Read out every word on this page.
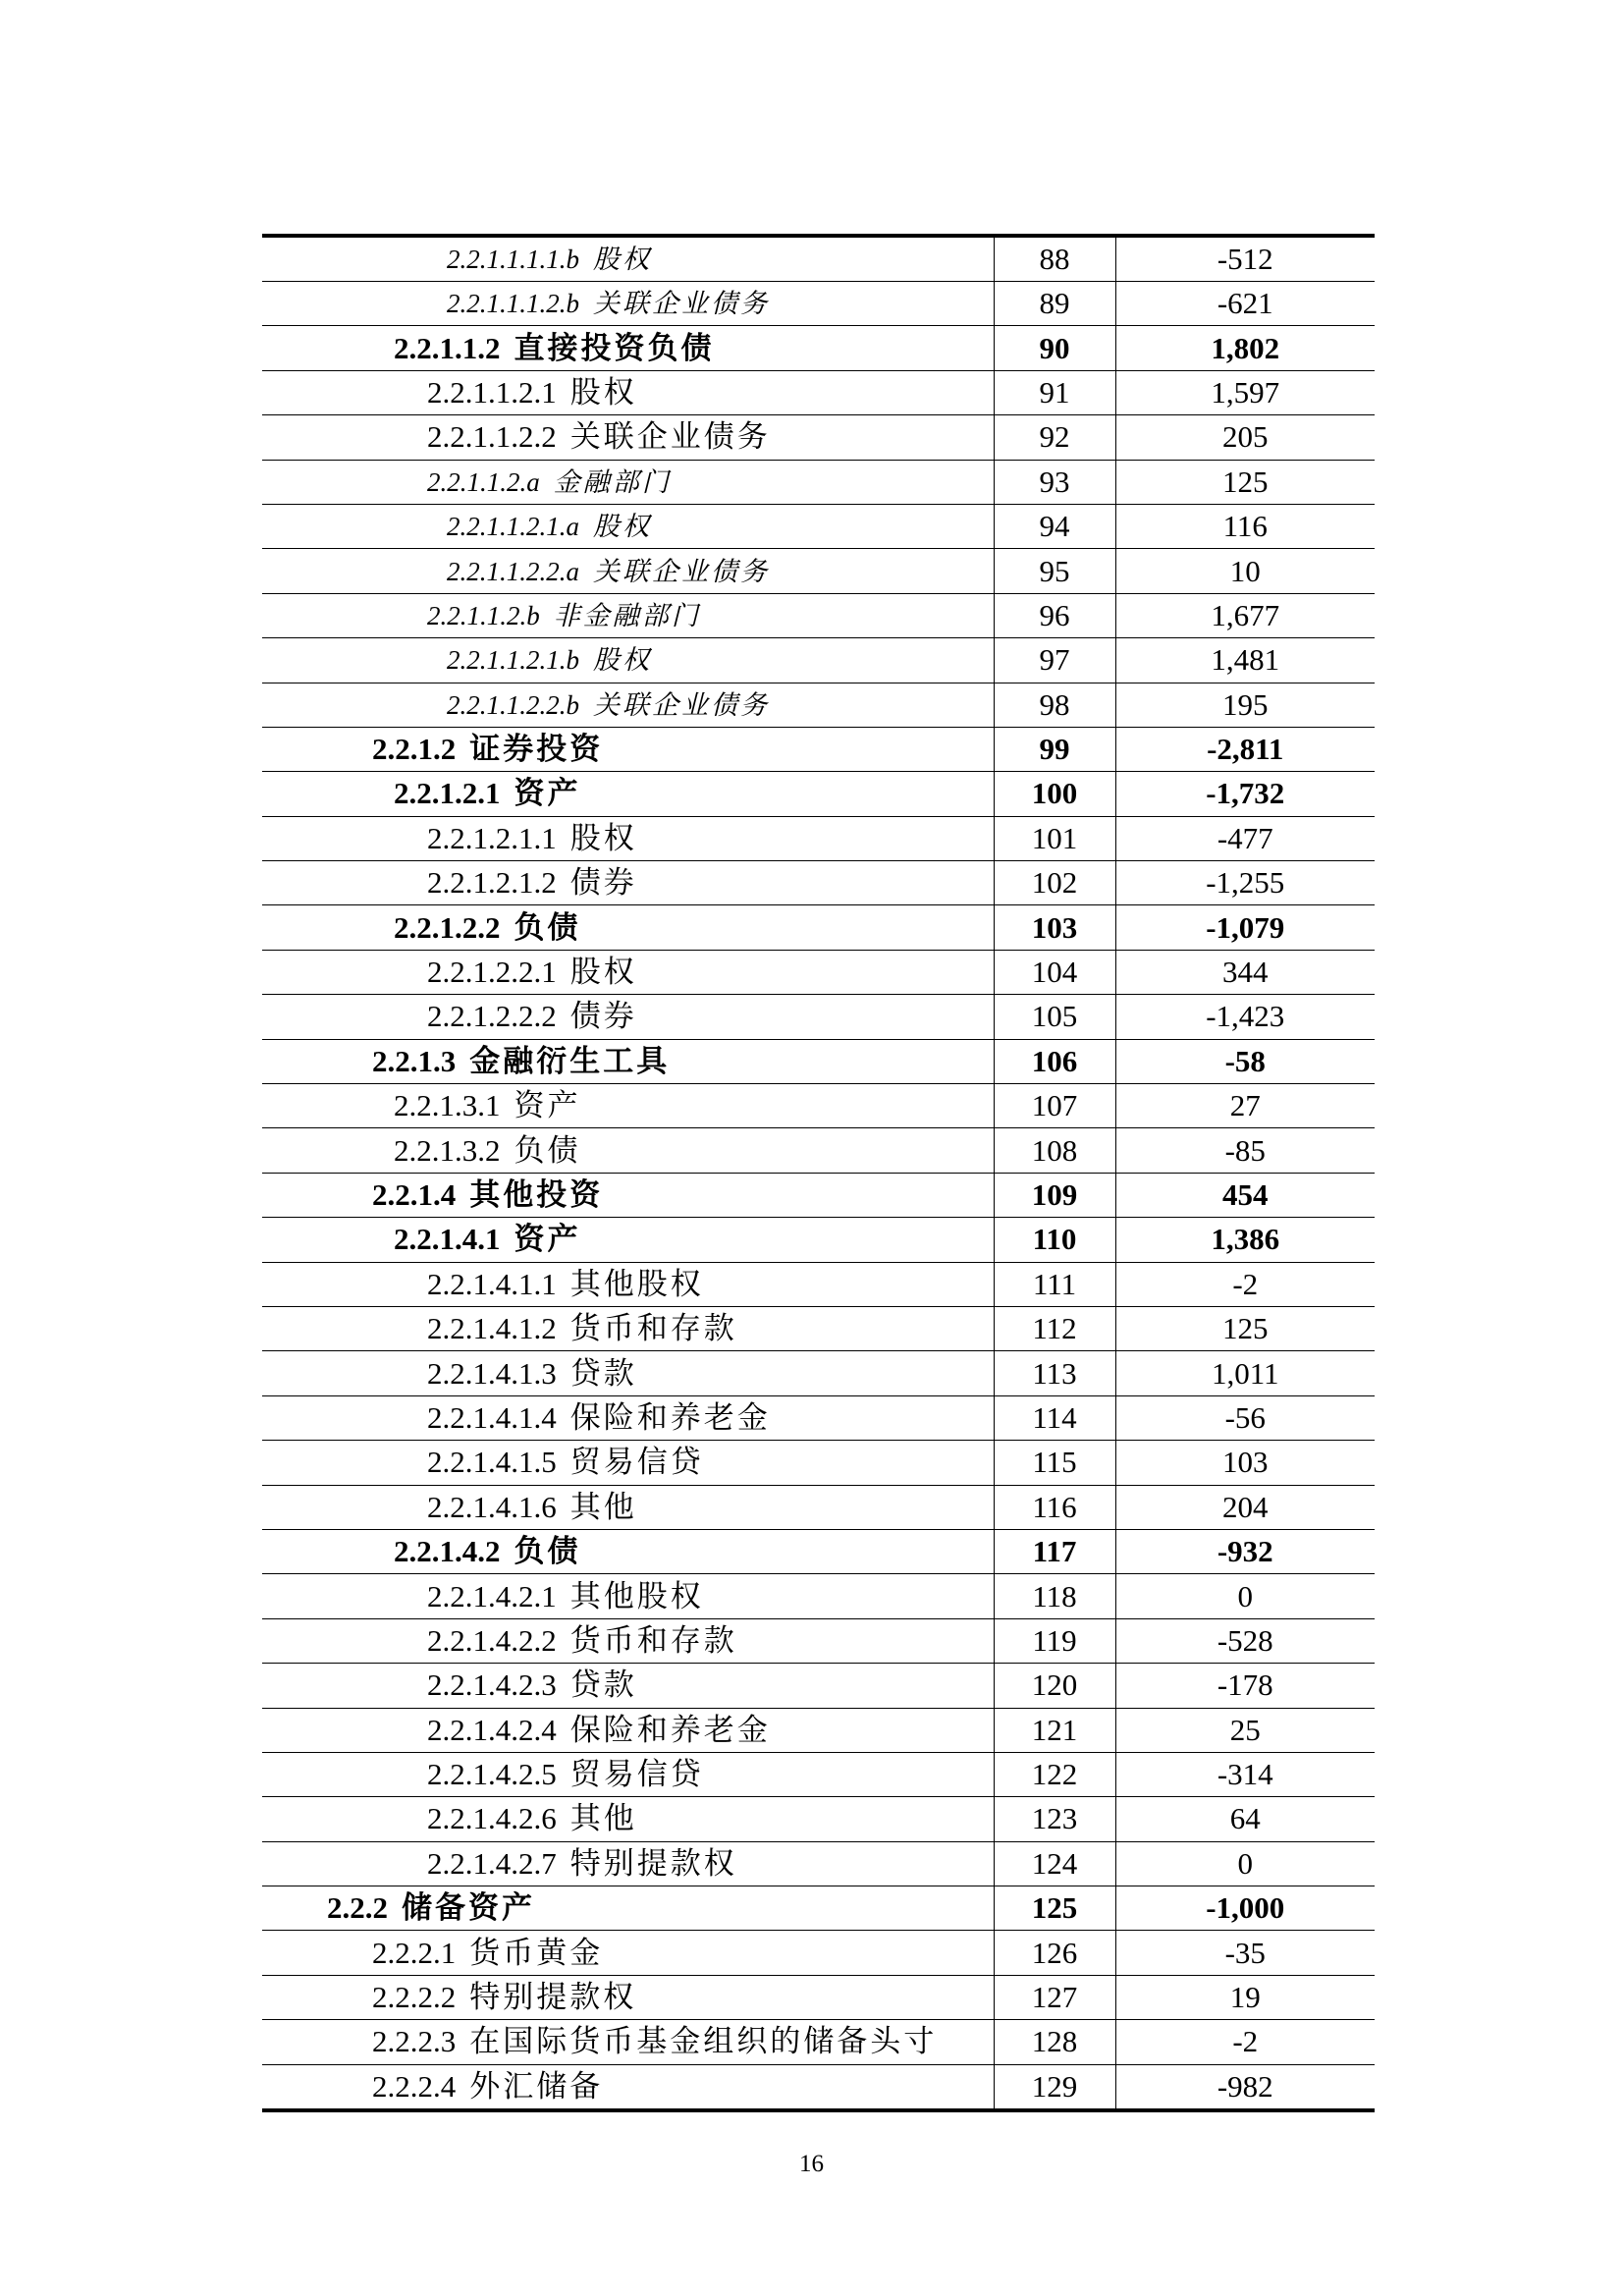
2.2.1.1.1.1.b 股权	88	-512
2.2.1.1.1.2.b 关联企业债务	89	-621
2.2.1.1.2 直接投资负债	90	1,802
2.2.1.1.2.1 股权	91	1,597
2.2.1.1.2.2 关联企业债务	92	205
2.2.1.1.2.a 金融部门	93	125
2.2.1.1.2.1.a 股权	94	116
2.2.1.1.2.2.a 关联企业债务	95	10
2.2.1.1.2.b 非金融部门	96	1,677
2.2.1.1.2.1.b 股权	97	1,481
2.2.1.1.2.2.b 关联企业债务	98	195
2.2.1.2 证券投资	99	-2,811
2.2.1.2.1 资产	100	-1,732
2.2.1.2.1.1 股权	101	-477
2.2.1.2.1.2 债券	102	-1,255
2.2.1.2.2 负债	103	-1,079
2.2.1.2.2.1 股权	104	344
2.2.1.2.2.2 债券	105	-1,423
2.2.1.3 金融衍生工具	106	-58
2.2.1.3.1 资产	107	27
2.2.1.3.2 负债	108	-85
2.2.1.4 其他投资	109	454
2.2.1.4.1 资产	110	1,386
2.2.1.4.1.1 其他股权	111	-2
2.2.1.4.1.2 货币和存款	112	125
2.2.1.4.1.3 贷款	113	1,011
2.2.1.4.1.4 保险和养老金	114	-56
2.2.1.4.1.5 贸易信贷	115	103
2.2.1.4.1.6 其他	116	204
2.2.1.4.2 负债	117	-932
2.2.1.4.2.1 其他股权	118	0
2.2.1.4.2.2 货币和存款	119	-528
2.2.1.4.2.3 贷款	120	-178
2.2.1.4.2.4 保险和养老金	121	25
2.2.1.4.2.5 贸易信贷	122	-314
2.2.1.4.2.6 其他	123	64
2.2.1.4.2.7 特别提款权	124	0
2.2.2 储备资产	125	-1,000
2.2.2.1 货币黄金	126	-35
2.2.2.2 特别提款权	127	19
2.2.2.3 在国际货币基金组织的储备头寸	128	-2
2.2.2.4 外汇储备	129	-982
16
